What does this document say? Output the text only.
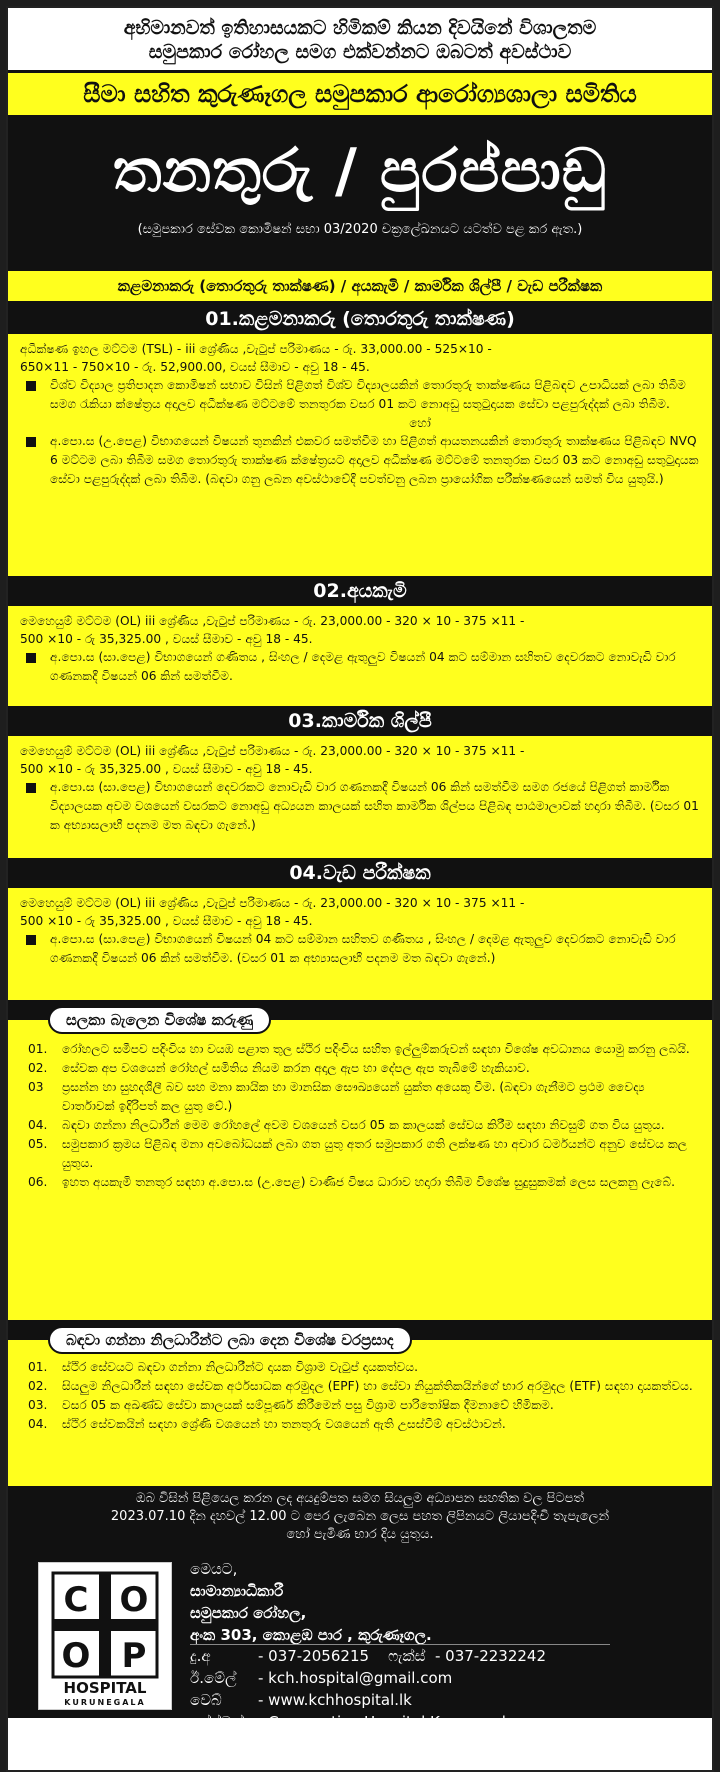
අභිමානවත් ඉතිහාසයකට හිමිකම් කියන දිවයිනේ විශාලතම
සමුපකාර රෝහල සමග එක්වන්නට ඔබටත් අවස්ථාව
සීමා සහිත කුරුණෑගල සමුපකාර ආරෝග්‍යශාලා සමිතිය
තනතුරු / පුරප්පාඩු
(සමුපකාර සේවක කොමිෂන් සභා 03/2020 චක්‍රලේඛනයට යටත්ව පළ කර ඇත.)
කළමනාකරු (තොරතුරු තාක්ෂණ) / අයකැමි / කාර්මික ශිල්පී / වැඩ පරීක්ෂක
01.කළමනාකරු (තොරතුරු තාක්ෂණ)
අධීක්ෂණ ඉහල මට්ටම (TSL) - iii ශ්‍රේණිය ,වැටුප් පරිමාණය - රු. 33,000.00 - 525×10 -
650×11 - 750×10 - රු. 52,900.00, වයස් සීමාව - අවු 18 - 45.
විශ්ව විද්‍යාල ප්‍රතිපාදන කොමිෂන් සභාව විසින් පිළිගත් විශ්ව විද්‍යාලයකින් තොරතුරු තාක්ෂණය පිළිබඳව උපාධියක් ලබා තිබීම සමග රැකියා ක්ෂේත්‍රය අදාලව අධීක්ෂණ මට්ටමේ තනතුරක වසර 01 කට නොඅඩු සතුටුදායක සේවා පළපුරුද්දක් ලබා තිබීම.
හෝ
අ.පො.ස (උ.පෙළ) විභාගයෙන් විෂයන් තුනකින් එකවර සමත්වීම හා පිළිගත් ආයතනයකින් තොරතුරු තාක්ෂණය පිළිබඳව NVQ 6 මට්ටම ලබා තිබීම සමග තොරතුරු තාක්ෂණ ක්ෂේත්‍රයට අදාලව අධීක්ෂණ මට්ටමේ තනතුරක වසර 03 කට නොඅඩු සතුටුදායක සේවා පළපුරුද්දක් ලබා තිබීම. (බඳවා ගනු ලබන අවස්ථාවේදී පවත්වනු ලබන ප්‍රායෝගික පරීක්ෂණයෙන් සමත් විය යුතුයි.)
02.අයකැමි
මෙහෙයුම් මට්ටම (OL) iii ශ්‍රේණිය ,වැටුප් පරිමාණය - රු. 23,000.00 - 320 × 10 - 375 ×11 -
500 ×10 - රු 35,325.00 , වයස් සීමාව - අවු 18 - 45.
අ.පො.ස (සා.පෙළ) විභාගයෙන් ගණිතය , සිංහල / දෙමළ ඇතුලුව විෂයන් 04 කට සම්මාන සහිතව දෙවරකට නොවැඩි වාර ගණනකදී විෂයන් 06 කින් සමත්වීම.
03.කාර්මික ශිල්පී
මෙහෙයුම් මට්ටම (OL) iii ශ්‍රේණිය ,වැටුප් පරිමාණය - රු. 23,000.00 - 320 × 10 - 375 ×11 -
500 ×10 - රු 35,325.00 , වයස් සීමාව - අවු 18 - 45.
අ.පො.ස (සා.පෙළ) විභාගයෙන් දෙවරකට නොවැඩි වාර ගණනකදී විෂයන් 06 කින් සමත්වීම සමග රජයේ පිළිගත් කාර්මික විද්‍යාලයක අවම වශයෙන් වසරකට නොඅඩු අධ්‍යයන කාලයක් සහිත කාර්මික ශිල්පය පිළිබඳ පාඨමාලාවක් හදාරා තිබීම. (වසර 01 ක අභ්‍යාසලාභී පදනම මත බඳවා ගැනේ.)
04.වැඩ පරීක්ෂක
මෙහෙයුම් මට්ටම (OL) iii ශ්‍රේණිය ,වැටුප් පරිමාණය - රු. 23,000.00 - 320 × 10 - 375 ×11 -
500 ×10 - රු 35,325.00 , වයස් සීමාව - අවු 18 - 45.
අ.පො.ස (සා.පෙළ) විභාගයෙන් විෂයන් 04 කට සම්මාන සහිතව ගණිතය , සිංහල / දෙමළ ඇතුලුව දෙවරකට නොවැඩි වාර ගණනකදී විෂයන් 06 කින් සමත්වීම. (වසර 01 ක අභ්‍යාසලාභී පදනම මත බඳවා ගැනේ.)
සලකා බැලෙන විශේෂ කරුණු
01. රෝහලට සමීපව පදිංචිය හා වයඹ පළාත තුල ස්ථිර පදිංචිය සහිත ඉල්ලුම්කරුවන් සඳහා විශේෂ අවධානය යොමු කරනු ලබයි.
02. සේවක අප වශයෙන් රෝහල් සමිතිය නියම කරන අදාල ඇප හා දේපල ඇප තැබීමේ හැකියාව.
03 ප්‍රසන්න හා සුහදශීලී බව සහ මනා කායික හා මානසික සෞඛ්‍යයෙන් යුක්ත අයෙකු වීම. (බඳවා ගැනීමට ප්‍රථම වෛද්‍ය වාර්තාවක් ඉදිරිපත් කල යුතු වේ.)
04. බඳවා ගන්නා නිලධාරීන් මෙම රෝහලේ අවම වශයෙන් වසර 05 ක කාලයක් සේවය කිරීම සඳහා නිවසුම් ගත විය යුතුය.
05. සමුපකාර ක්‍රමය පිළිබඳ මනා අවබෝධයක් ලබා ගත යුතු අතර සමුපකාර ගති ලක්ෂණ හා අචාර ධර්මයන්ට අනුව සේවය කල යුතුය.
06. ඉහත අයකැමි තනතුර සඳහා අ.පො.ස (උ.පෙළ) වාණිජ විෂය ධාරාව හදාරා තිබීම විශේෂ සුදුසුකමක් ලෙස සලකනු ලැබේ.
බඳවා ගන්නා නිලධාරීන්ට ලබා දෙන විශේෂ වරප්‍රසාද
01. ස්ථිර සේවයට බඳවා ගන්නා නිලධාරීන්ට දායක විශ්‍රාම වැටුප් දායකත්වය.
02. සියලුම නිලධාරීන් සඳහා සේවක අර්ථසාධක අරමුදල (EPF) හා සේවා නියුක්තිකයින්ගේ භාර අරමුදල (ETF) සඳහා දායකත්වය.
03. වසර 05 ක අඛණ්ඩ සේවා කාලයක් සම්පූර්ණ කිරීමෙන් පසු විශ්‍රාම පාරිතෝෂික දීමනාවේ හිමිකම.
04. ස්ථිර සේවකයින් සඳහා ශ්‍රේණි වශයෙන් හා තනතුරු වශයෙන් ඇති උසස්වීම් අවස්ථාවන්.
ඔබ විසින් පිළියෙල කරන ලද අයදුම්පත සමග සියලුම අධ්‍යාපන සහතික වල පිටපත්
2023.07.10 දින දහවල් 12.00 ට පෙර ලැබෙන ලෙස පහත ලිපිනයට ලියාපදිංචි තැපැලෙන්
හෝ පැමිණ භාර දිය යුතුය.
C O
O P
HOSPITAL
KURUNEGALA
මෙයට,
සාමාන්‍යාධිකාරී
සමුපකාර රෝහල,
අංක 303, කොළඹ පාර , කුරුණෑගල.
දු.අ	- 037-2056215 ෆැක්ස් - 037-2232242
ඊ.මේල් - kch.hospital@gmail.com
වෙබ් - www.kchhospital.lk
ෆේස්බුක් - Cooperative Hospital Kurunegala
